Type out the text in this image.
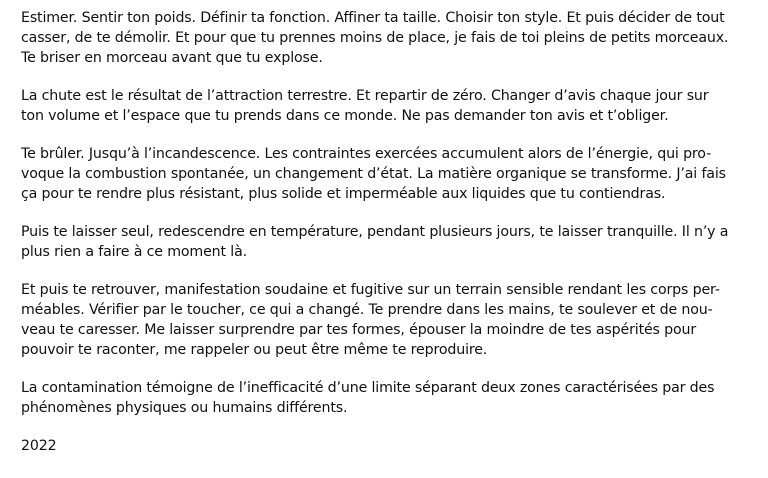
Estimer. Sentir ton poids. Définir ta fonction. Affiner ta taille. Choisir ton style. Et puis décider de tout
casser, de te démolir. Et pour que tu prennes moins de place, je fais de toi pleins de petits morceaux.
Te briser en morceau avant que tu explose.

La chute est le résultat de l’attraction terrestre. Et repartir de zéro. Changer d’avis chaque jour sur
ton volume et l’espace que tu prends dans ce monde. Ne pas demander ton avis et t’obliger.

Te brûler. Jusqu’à l’incandescence. Les contraintes exercées accumulent alors de l’énergie, qui pro-
voque la combustion spontanée, un changement d’état. La matière organique se transforme. J’ai fais
ça pour te rendre plus résistant, plus solide et imperméable aux liquides que tu contiendras.

Puis te laisser seul, redescendre en température, pendant plusieurs jours, te laisser tranquille. Il n’y a
plus rien a faire à ce moment là.

Et puis te retrouver, manifestation soudaine et fugitive sur un terrain sensible rendant les corps per-
méables. Vérifier par le toucher, ce qui a changé. Te prendre dans les mains, te soulever et de nou-
veau te caresser. Me laisser surprendre par tes formes, épouser la moindre de tes aspérités pour
pouvoir te raconter, me rappeler ou peut être même te reproduire.

La contamination témoigne de l’inefficacité d’une limite séparant deux zones caractérisées par des
phénomènes physiques ou humains différents.

2022
